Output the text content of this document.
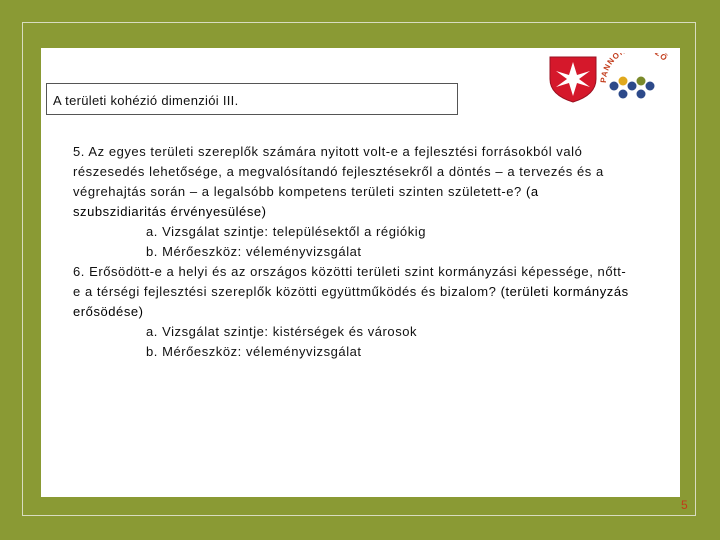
A területi kohézió dimenziói III.
PANNO ZŐ

5. Az egyes területi szereplők számára nyitott volt-e a fejlesztési forrásokból való részesedés lehetősége, a megvalósítandó fejlesztésekről a döntés – a tervezés és a végrehajtás során – a legalsóbb kompetens területi szinten született-e? (a szubszidiaritás érvényesülése)

a. Vizsgálat szintje: településektől a régiókig

b. Mérőeszköz: véleményvizsgálat

6. Erősödött-e a helyi és az országos közötti területi szint kormányzási képessége, nőtt-e a térségi fejlesztési szereplők közötti együttműködés és bizalom? (területi kormányzás erősödése)

a. Vizsgálat szintje: kistérségek és városok

b. Mérőeszköz: véleményvizsgálat

5
